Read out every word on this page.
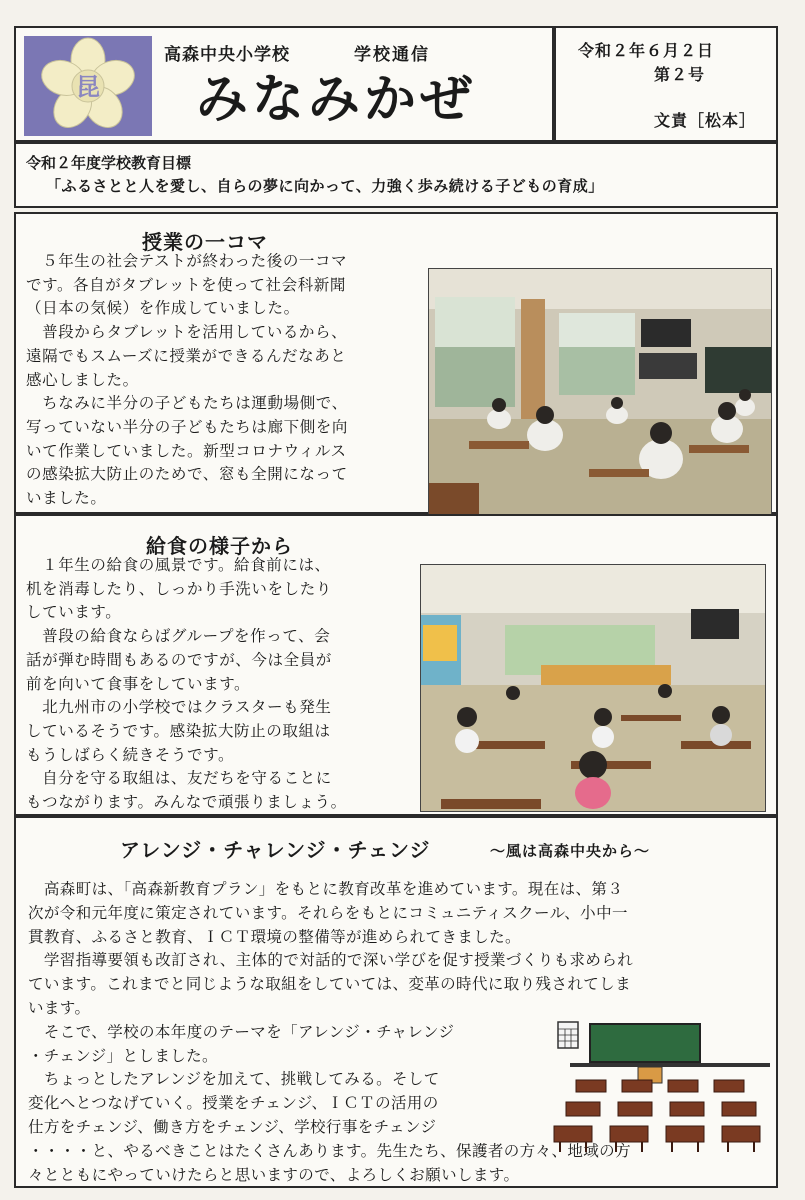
昆
高森中央小学校	学校通信
みなみかぜ
令和２年６月２日
第２号
文責［松本］
令和２年度学校教育目標
「ふるさとと人を愛し、自らの夢に向かって、力強く歩み続ける子どもの育成」
授業の一コマ

　５年生の社会テストが終わった後の一コマ

です。各自がタブレットを使って社会科新聞

（日本の気候）を作成していました。

　普段からタブレットを活用しているから、

遠隔でもスムーズに授業ができるんだなあと

感心しました。

　ちなみに半分の子どもたちは運動場側で、

写っていない半分の子どもたちは廊下側を向

いて作業していました。新型コロナウィルス

の感染拡大防止のためで、窓も全開になって

いました。

給食の様子から

　１年生の給食の風景です。給食前には、

机を消毒したり、しっかり手洗いをしたり

しています。

　普段の給食ならばグループを作って、会

話が弾む時間もあるのですが、今は全員が

前を向いて食事をしています。

　北九州市の小学校ではクラスターも発生

しているそうです。感染拡大防止の取組は

もうしばらく続きそうです。

　自分を守る取組は、友だちを守ることに

もつながります。みんなで頑張りましょう。

アレンジ・チャレンジ・チェンジ	～風は高森中央から～

　高森町は、「高森新教育プラン」をもとに教育改革を進めています。現在は、第３

次が令和元年度に策定されています。それらをもとにコミュニティスクール、小中一

貫教育、ふるさと教育、ＩＣＴ環境の整備等が進められてきました。

　学習指導要領も改訂され、主体的で対話的で深い学びを促す授業づくりも求められ

ています。これまでと同じような取組をしていては、変革の時代に取り残されてしま

います。

　そこで、学校の本年度のテーマを「アレンジ・チャレンジ

・チェンジ」としました。

　ちょっとしたアレンジを加えて、挑戦してみる。そして

変化へとつなげていく。授業をチェンジ、ＩＣＴの活用の

仕方をチェンジ、働き方をチェンジ、学校行事をチェンジ

・・・・と、やるべきことはたくさんあります。先生たち、保護者の方々、地域の方

々とともにやっていけたらと思いますので、よろしくお願いします。
